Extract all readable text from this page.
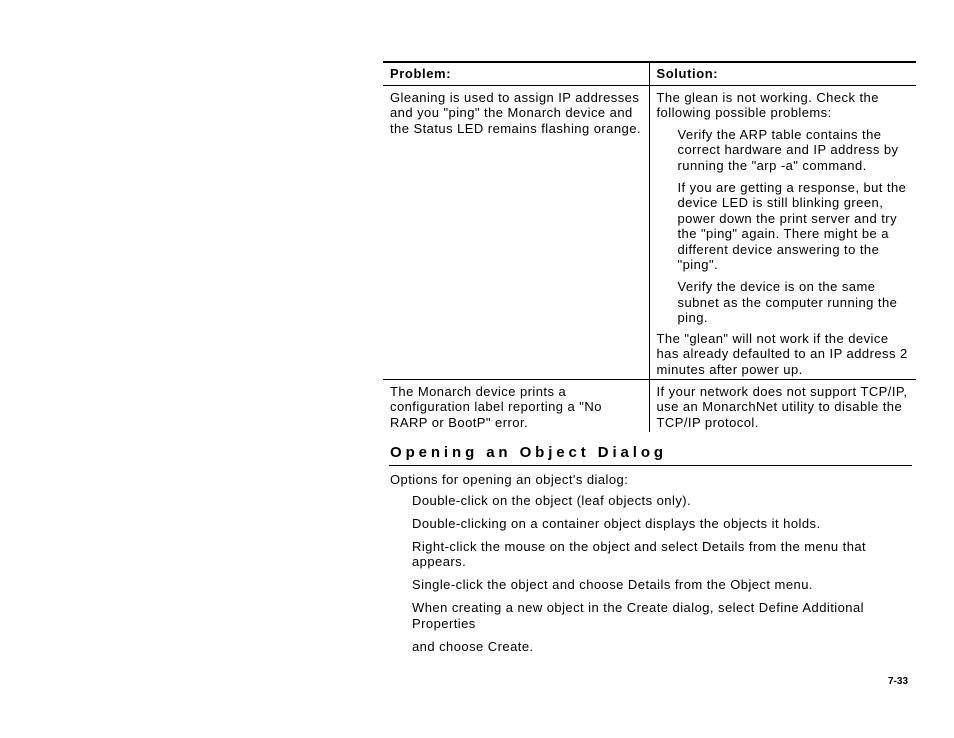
Problem:	Solution:
Gleaning is used to assign IP addresses and you "ping" the Monarch device and the Status LED remains flashing orange.	The glean is not working. Check the following possible problems:
Verify the ARP table contains the correct hardware and IP address by running the "arp -a" command.
If you are getting a response, but the device LED is still blinking green, power down the print server and try the "ping" again. There might be a different device answering to the "ping".
Verify the device is on the same subnet as the computer running the ping.
The "glean" will not work if the device has already defaulted to an IP address 2 minutes after power up.

The Monarch device prints a configuration label reporting a "No RARP or BootP" error.	If your network does not support TCP/IP, use an MonarchNet utility to disable the TCP/IP protocol.
Opening an Object Dialog
Options for opening an object's dialog:
Double-click on the object (leaf objects only).
Double-clicking on a container object displays the objects it holds.
Right-click the mouse on the object and select Details from the menu that appears.
Single-click the object and choose Details from the Object menu.
When creating a new object in the Create dialog, select Define Additional Properties
and choose Create.
7-33
